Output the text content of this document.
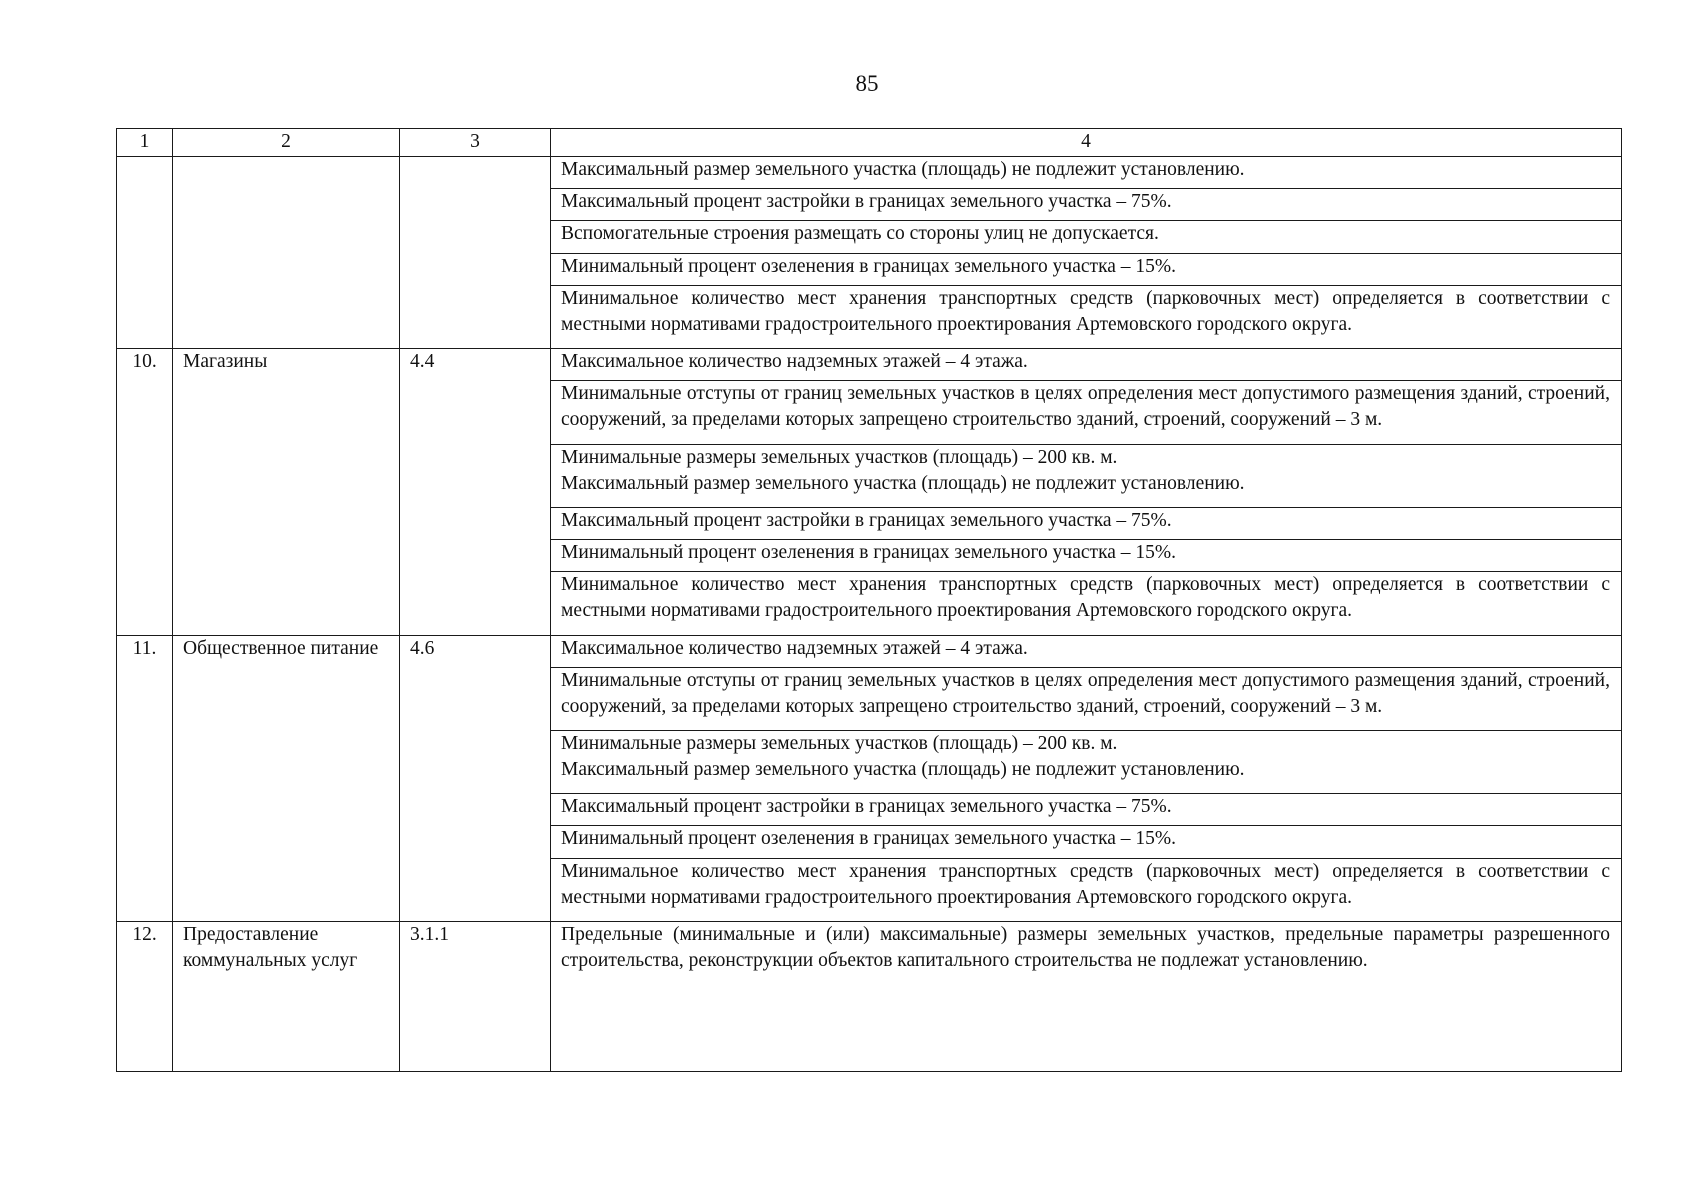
85
1	2	3	4
			Максимальный размер земельного участка (площадь) не подлежит установлению.
			Максимальный процент застройки в границах земельного участка – 75%.
			Вспомогательные строения размещать со стороны улиц не допускается.
			Минимальный процент озеленения в границах земельного участка – 15%.
			Минимальное количество мест хранения транспортных средств (парковочных мест) определяется в соответствии с местными нормативами градостроительного проектирования Артемовского городского округа.
10.	Магазины	4.4	Максимальное количество надземных этажей – 4 этажа.
			Минимальные отступы от границ земельных участков в целях определения мест допустимого размещения зданий, строений, сооружений, за пределами которых запрещено строительство зданий, строений, сооружений – 3 м.

			Минимальные размеры земельных участков (площадь) – 200 кв. м.
Максимальный размер земельного участка (площадь) не подлежит установлению.

			Максимальный процент застройки в границах земельного участка – 75%.
			Минимальный процент озеленения в границах земельного участка – 15%.
			Минимальное количество мест хранения транспортных средств (парковочных мест) определяется в соответствии с местными нормативами градостроительного проектирования Артемовского городского округа.
11.	Общественное питание	4.6	Максимальное количество надземных этажей – 4 этажа.
			Минимальные отступы от границ земельных участков в целях определения мест допустимого размещения зданий, строений, сооружений, за пределами которых запрещено строительство зданий, строений, сооружений – 3 м.

			Минимальные размеры земельных участков (площадь) – 200 кв. м.
Максимальный размер земельного участка (площадь) не подлежит установлению.

			Максимальный процент застройки в границах земельного участка – 75%.
			Минимальный процент озеленения в границах земельного участка – 15%.
			Минимальное количество мест хранения транспортных средств (парковочных мест) определяется в соответствии с местными нормативами градостроительного проектирования Артемовского городского округа.
12.	Предоставление коммунальных услуг	3.1.1	Предельные (минимальные и (или) максимальные) размеры земельных участков, предельные параметры разрешенного строительства, реконструкции объектов капитального строительства не подлежат установлению.
